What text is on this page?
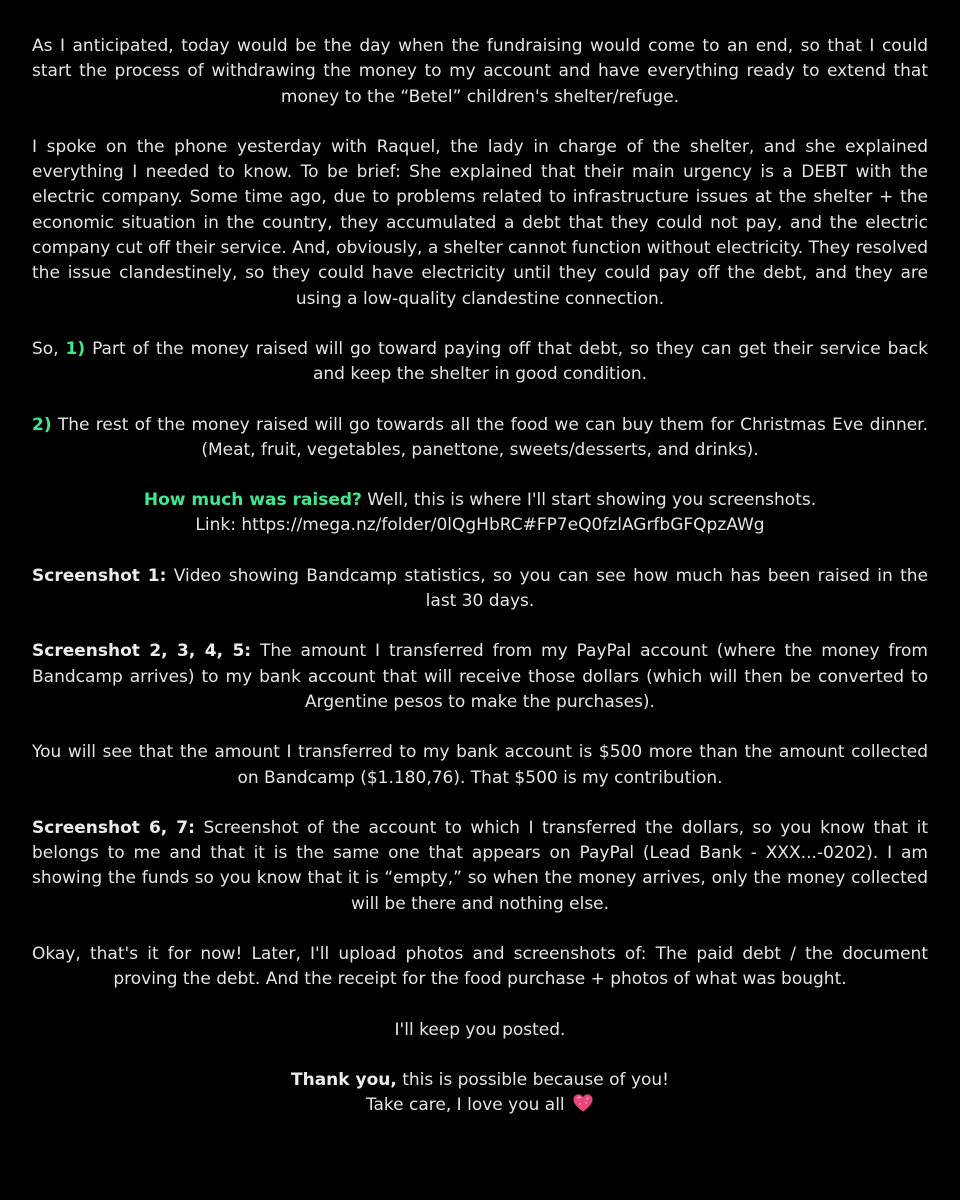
As I anticipated, today would be the day when the fundraising would come to an end, so that I could start the process of withdrawing the money to my account and have everything ready to extend that money to the “Betel” children's shelter/refuge.

I spoke on the phone yesterday with Raquel, the lady in charge of the shelter, and she explained everything I needed to know. To be brief: She explained that their main urgency is a DEBT with the electric company. Some time ago, due to problems related to infrastructure issues at the shelter + the economic situation in the country, they accumulated a debt that they could not pay, and the electric company cut off their service. And, obviously, a shelter cannot function without electricity. They resolved the issue clandestinely, so they could have electricity until they could pay off the debt, and they are using a low-quality clandestine connection.

So, 1) Part of the money raised will go toward paying off that debt, so they can get their service back and keep the shelter in good condition.

2) The rest of the money raised will go towards all the food we can buy them for Christmas Eve dinner. (Meat, fruit, vegetables, panettone, sweets/desserts, and drinks).

How much was raised? Well, this is where I'll start showing you screenshots.
Link: https://mega.nz/folder/0lQgHbRC#FP7eQ0fzlAGrfbGFQpzAWg

Screenshot 1: Video showing Bandcamp statistics, so you can see how much has been raised in the last 30 days.

Screenshot 2, 3, 4, 5: The amount I transferred from my PayPal account (where the money from Bandcamp arrives) to my bank account that will receive those dollars (which will then be converted to Argentine pesos to make the purchases).

You will see that the amount I transferred to my bank account is $500 more than the amount collected on Bandcamp ($1.180,76). That $500 is my contribution.

Screenshot 6, 7: Screenshot of the account to which I transferred the dollars, so you know that it belongs to me and that it is the same one that appears on PayPal (Lead Bank - XXX...-0202). I am showing the funds so you know that it is “empty,” so when the money arrives, only the money collected will be there and nothing else.

Okay, that's it for now! Later, I'll upload photos and screenshots of: The paid debt / the document proving the debt. And the receipt for the food purchase + photos of what was bought.

I'll keep you posted.

Thank you, this is possible because of you!
Take care, I love you all
